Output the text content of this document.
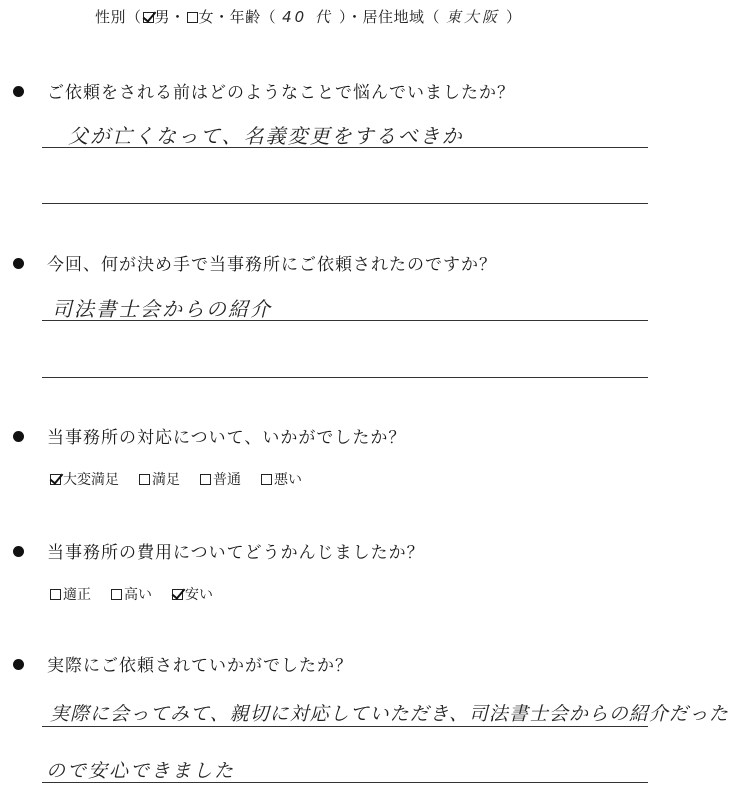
性別（ 男・ 女・年齢（ 40 代 ）・居住地域（ 東大阪 ）
ご依頼をされる前はどのようなことで悩んでいましたか？
父が亡くなって、名義変更をするべきか
今回、何が決め手で当事務所にご依頼されたのですか？
司法書士会からの紹介
当事務所の対応について、いかがでしたか？
大変満足 満足 普通 悪い
当事務所の費用についてどうかんじましたか？
適正 高い 安い
実際にご依頼されていかがでしたか？
実際に会ってみて、親切に対応していただき、司法書士会からの紹介だった
ので安心できました
